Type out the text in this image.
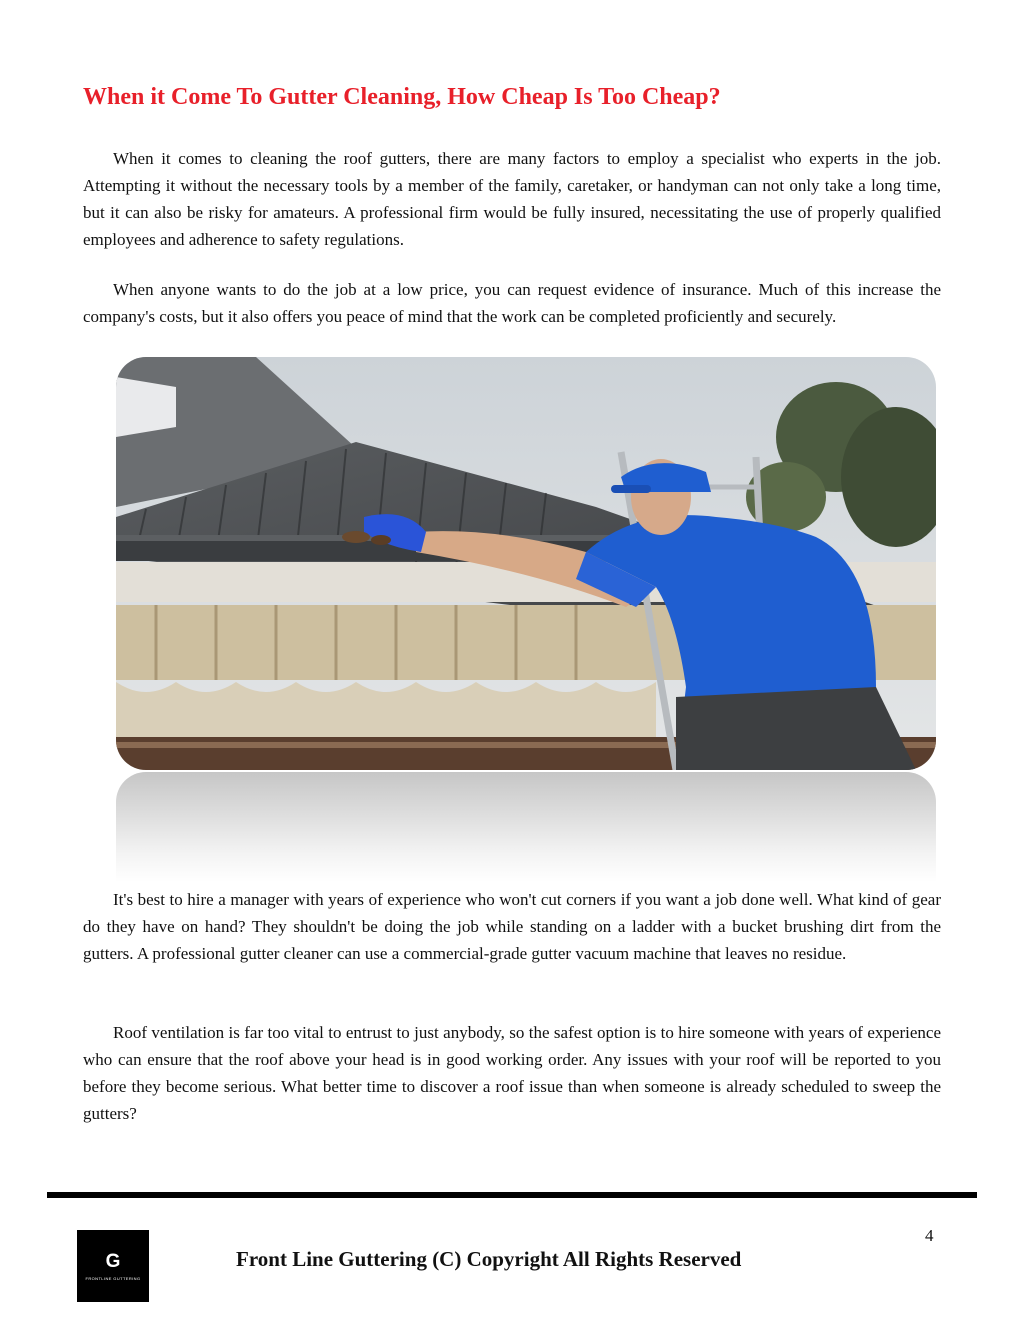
When it Come To Gutter Cleaning, How Cheap Is Too Cheap?

When it comes to cleaning the roof gutters, there are many factors to employ a specialist who experts in the job. Attempting it without the necessary tools by a member of the family, caretaker, or handyman can not only take a long time, but it can also be risky for amateurs. A professional firm would be fully insured, necessitating the use of properly qualified employees and adherence to safety regulations.

When anyone wants to do the job at a low price, you can request evidence of insurance. Much of this increase the company's costs, but it also offers you peace of mind that the work can be completed proficiently and securely.

It's best to hire a manager with years of experience who won't cut corners if you want a job done well. What kind of gear do they have on hand? They shouldn't be doing the job while standing on a ladder with a bucket brushing dirt from the gutters. A professional gutter cleaner can use a commercial-grade gutter vacuum machine that leaves no residue.

Roof ventilation is far too vital to entrust to just anybody, so the safest option is to hire someone with years of experience who can ensure that the roof above your head is in good working order. Any issues with your roof will be reported to you before they become serious. What better time to discover a roof issue than when someone is already scheduled to sweep the gutters?

4
G
FRONTLINE GUTTERING
Front Line Guttering (C) Copyright All Rights Reserved
